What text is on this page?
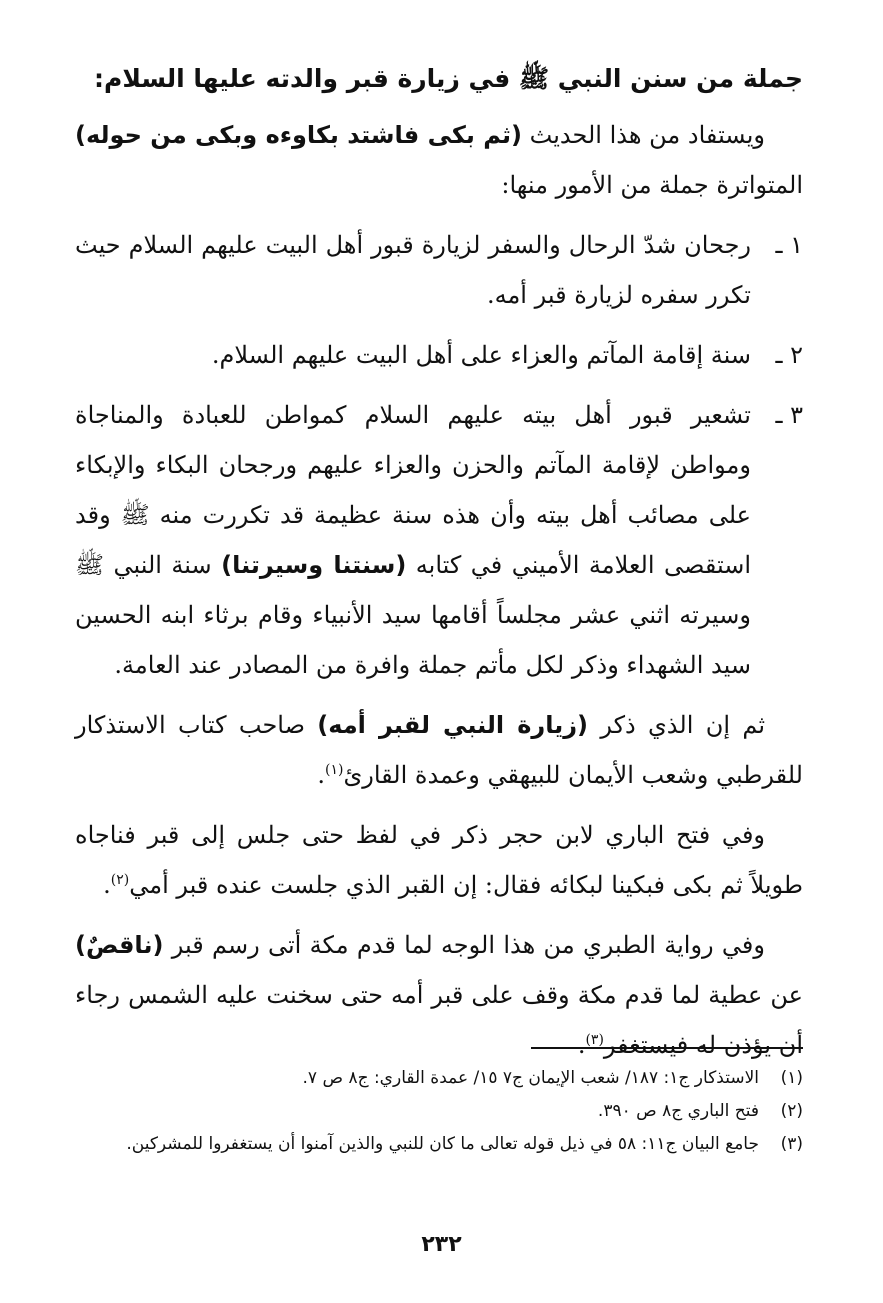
جملة من سنن النبي ﷺ في زيارة قبر والدته عليها السلام:

ويستفاد من هذا الحديث (ثم بكى فاشتد بكاوءه وبكى من حوله) المتواترة جملة من الأمور منها:

١ ـ
رجحان شدّ الرحال والسفر لزيارة قبور أهل البيت عليهم السلام حيث تكرر سفره لزيارة قبر أمه.
٢ ـ
سنة إقامة المآتم والعزاء على أهل البيت عليهم السلام.
٣ ـ
تشعير قبور أهل بيته عليهم السلام كمواطن للعبادة والمناجاة ومواطن لإقامة المآتم والحزن والعزاء عليهم ورجحان البكاء والإبكاء على مصائب أهل بيته وأن هذه سنة عظيمة قد تكررت منه ﷺ وقد استقصى العلامة الأميني في كتابه (سنتنا وسيرتنا) سنة النبي ﷺ وسيرته اثني عشر مجلساً أقامها سيد الأنبياء وقام برثاء ابنه الحسين سيد الشهداء وذكر لكل مأتم جملة وافرة من المصادر عند العامة.

ثم إن الذي ذكر (زيارة النبي لقبر أمه) صاحب كتاب الاستذكار للقرطبي وشعب الأيمان للبيهقي وعمدة القارئ$^{(١)}$.

وفي فتح الباري لابن حجر ذكر في لفظ حتى جلس إلى قبر فناجاه طويلاً ثم بكى فبكينا لبكائه فقال: إن القبر الذي جلست عنده قبر أمي$^{(٢)}$.

وفي رواية الطبري من هذا الوجه لما قدم مكة أتى رسم قبر (ناقصٌ) عن عطية لما قدم مكة وقف على قبر أمه حتى سخنت عليه الشمس رجاء أن يؤذن له فيستغفر$^{(٣)}$.

(١)
الاستذكار ج١: ١٨٧/ شعب الإيمان ج٧ ١٥/ عمدة القاري: ج٨ ص ٧.
(٢)
فتح الباري ج٨ ص ٣٩٠.
(٣)
جامع البيان ج١١: ٥٨ في ذيل قوله تعالى ما كان للنبي والذين آمنوا أن يستغفروا للمشركين.
٢٣٢
